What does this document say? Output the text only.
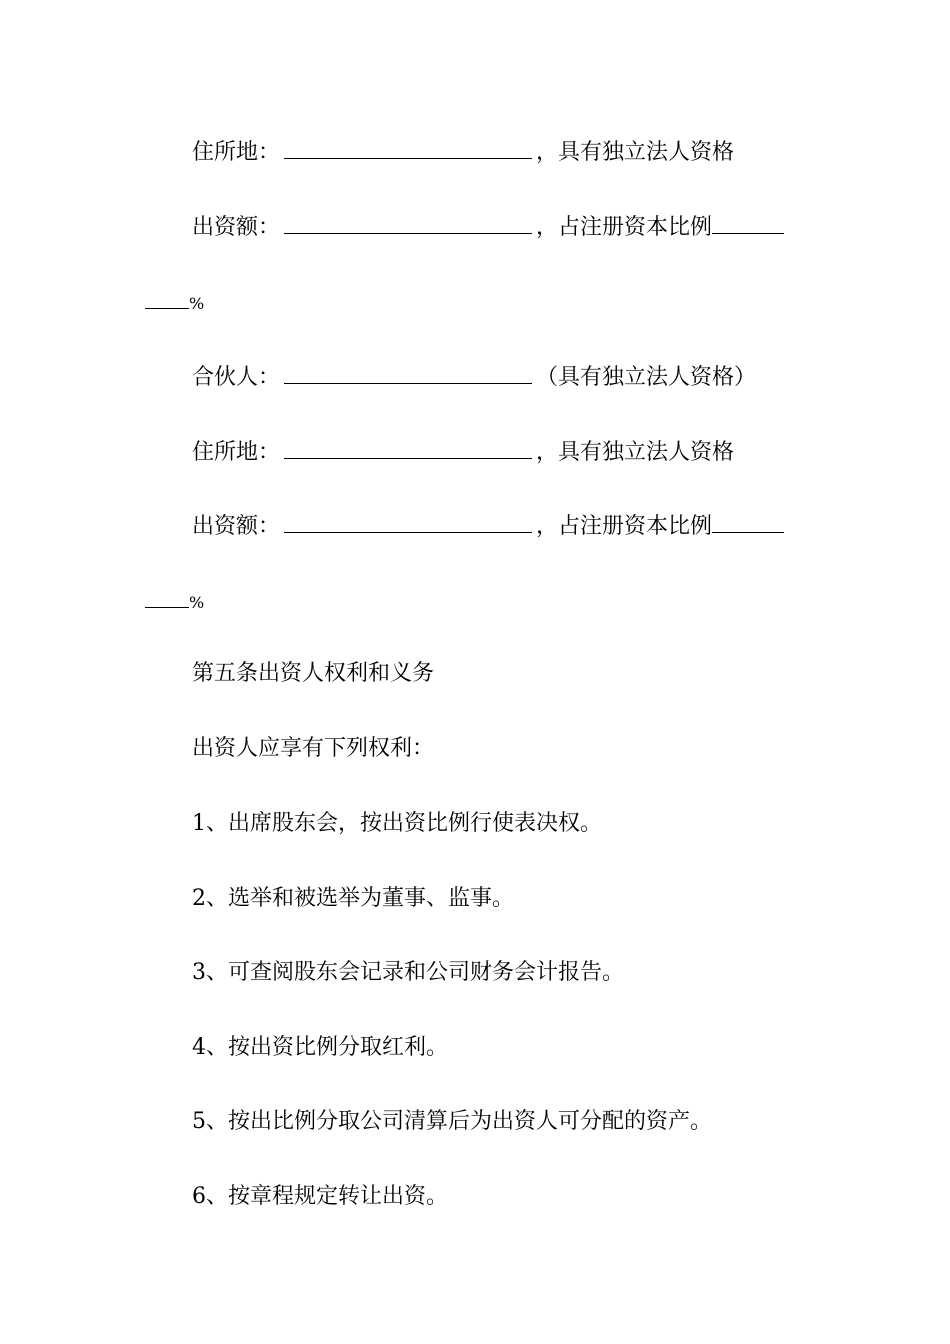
住所地：	，具有独立法人资格
出资额：	，占注册资本比例
%
合伙人：	（具有独立法人资格）
住所地：	，具有独立法人资格
出资额：	，占注册资本比例
%
第五条出资人权利和义务
出资人应享有下列权利：
1、出席股东会，按出资比例行使表决权。
2、选举和被选举为董事、监事。
3、可查阅股东会记录和公司财务会计报告。
4、按出资比例分取红利。
5、按出比例分取公司清算后为出资人可分配的资产。
6、按章程规定转让出资。
